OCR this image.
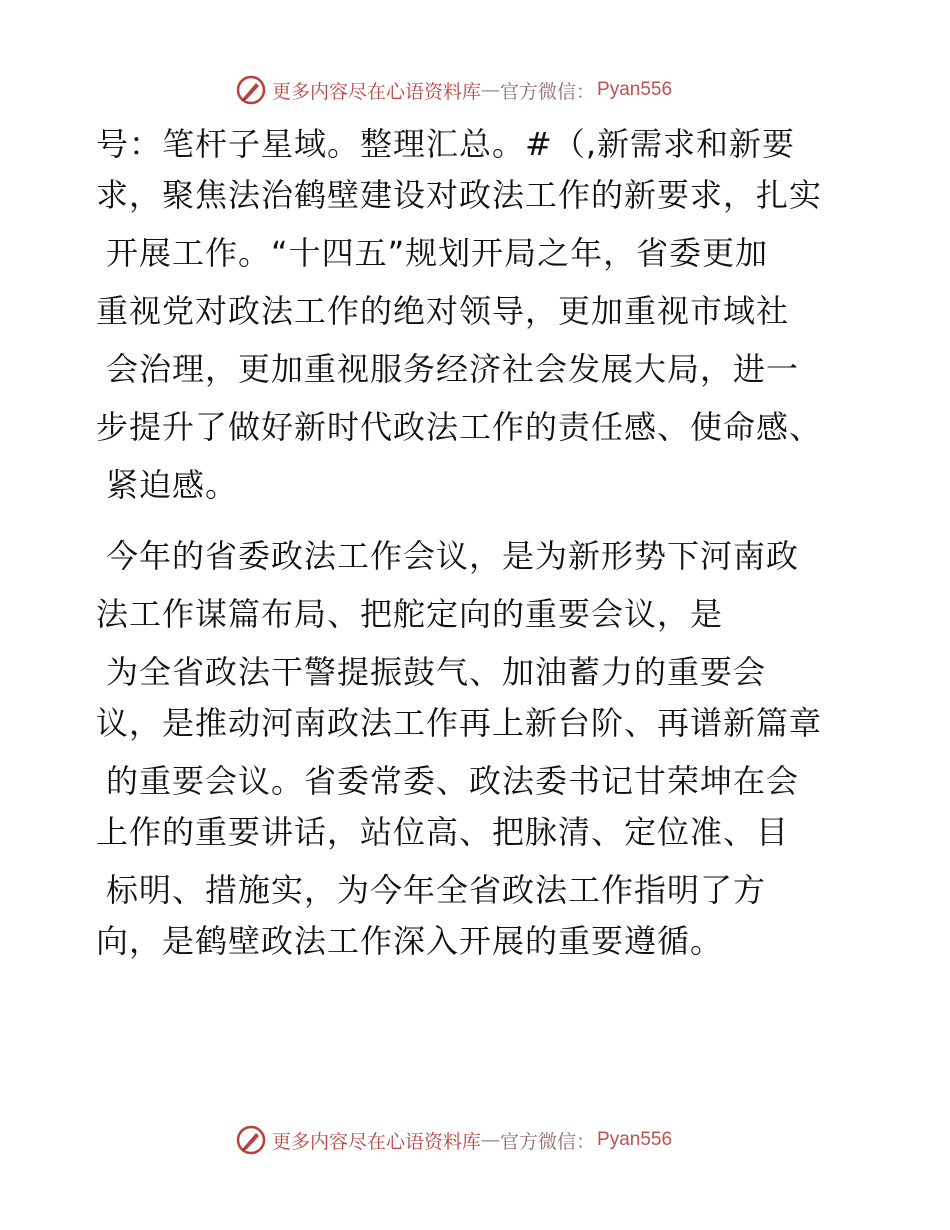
更多内容尽在心语资料库 — 官方微信： Pyan556
号：笔杆子星域。整理汇总。#（,新需求和新要
求，聚焦法治鹤壁建设对政法工作的新要求，扎实
开展工作。“十四五”规划开局之年，省委更加
重视党对政法工作的绝对领导，更加重视市域社
会治理，更加重视服务经济社会发展大局，进一
步提升了做好新时代政法工作的责任感、使命感、
紧迫感。
今年的省委政法工作会议，是为新形势下河南政
法工作谋篇布局、把舵定向的重要会议，是
为全省政法干警提振鼓气、加油蓄力的重要会
议，是推动河南政法工作再上新台阶、再谱新篇章
的重要会议。省委常委、政法委书记甘荣坤在会
上作的重要讲话，站位高、把脉清、定位准、目
标明、措施实，为今年全省政法工作指明了方
向，是鹤壁政法工作深入开展的重要遵循。
更多内容尽在心语资料库 — 官方微信： Pyan556
